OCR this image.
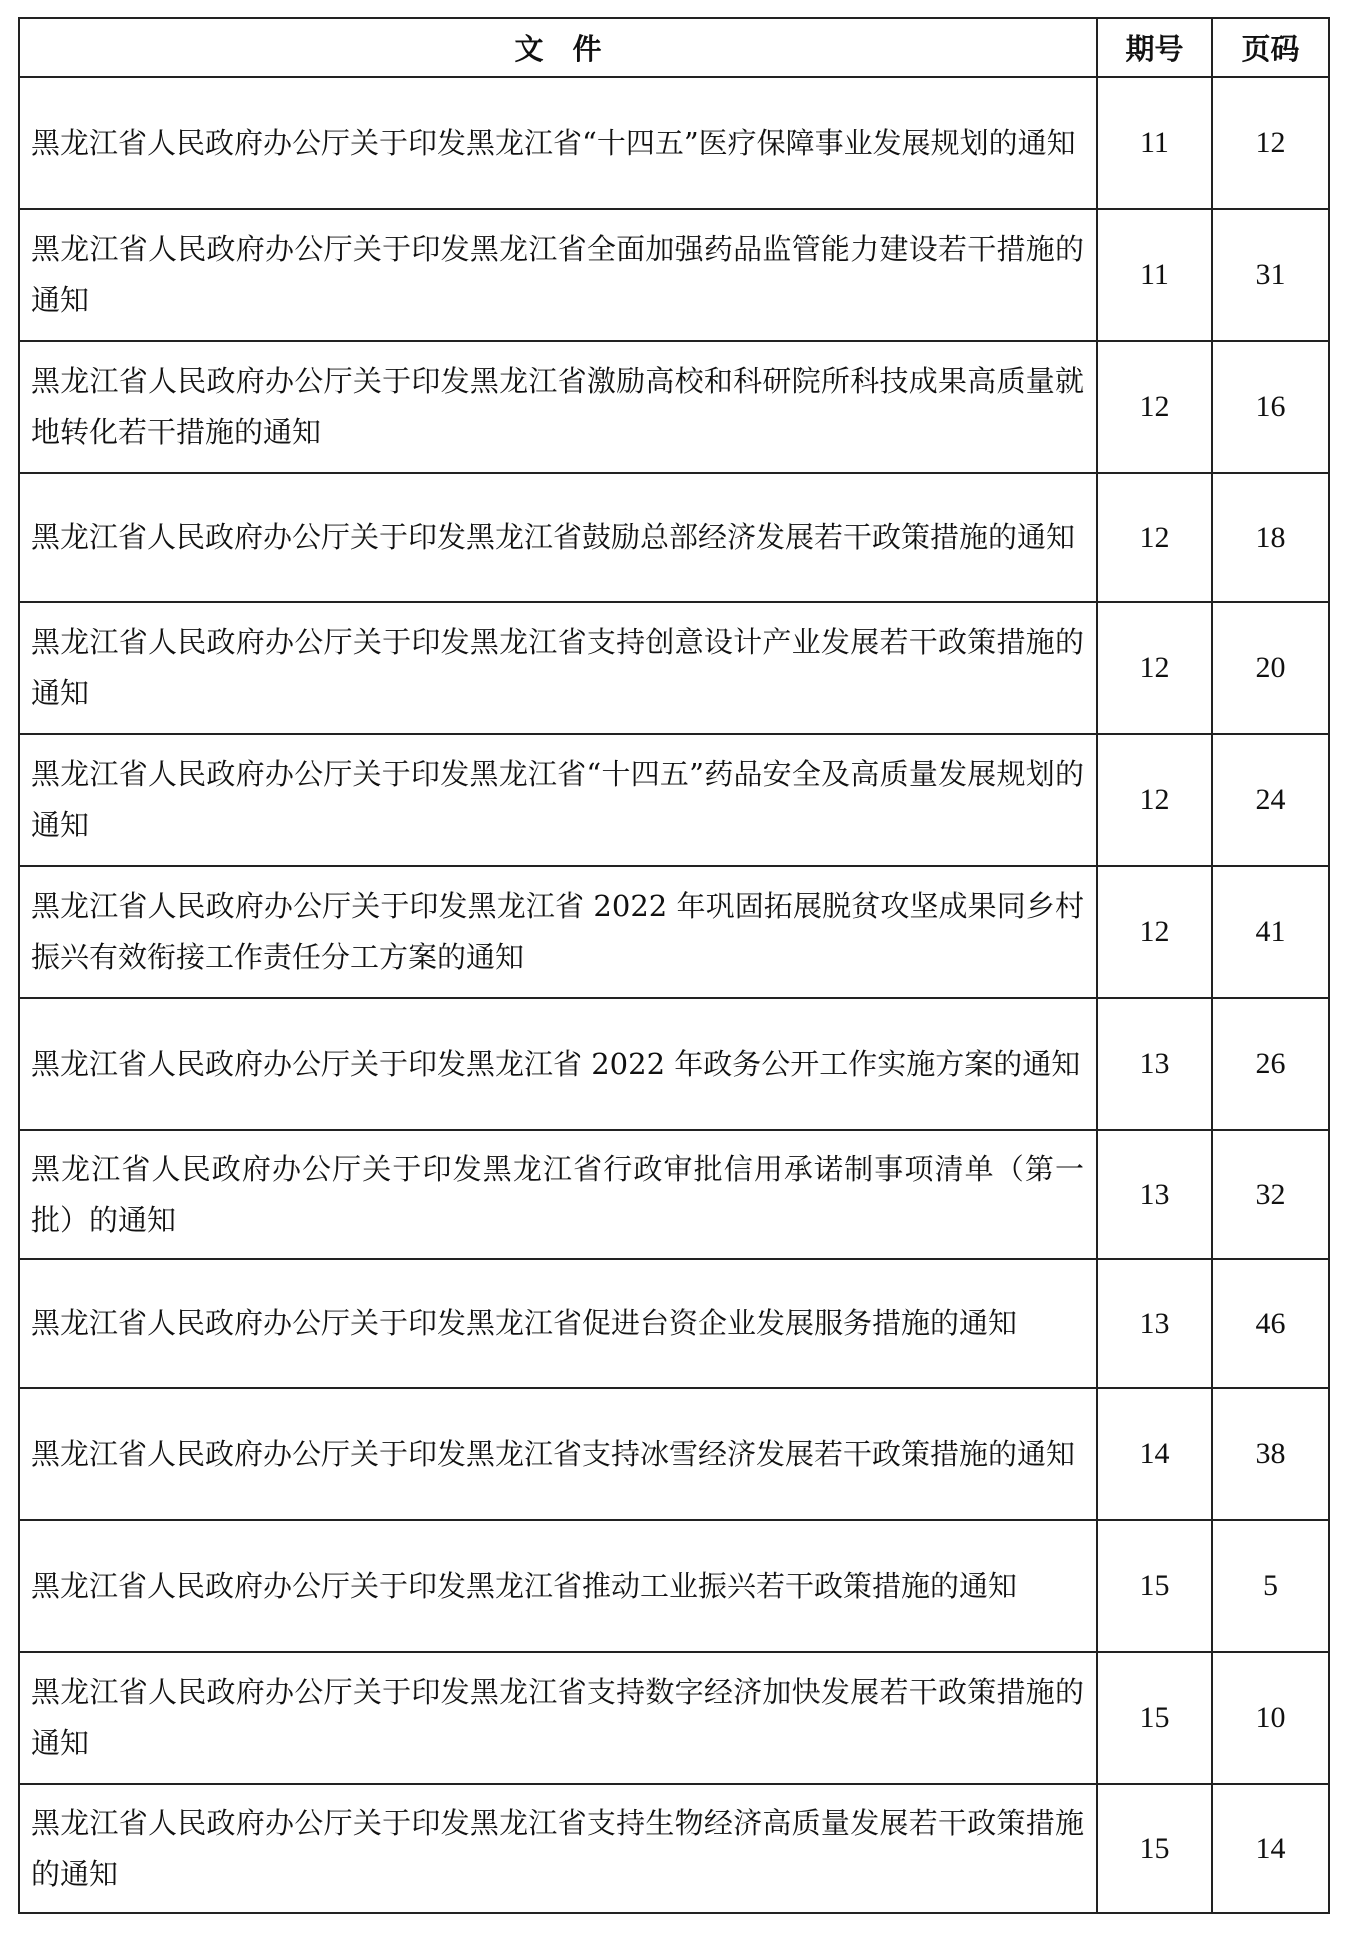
文　件	期号	页码
黑龙江省人民政府办公厅关于印发黑龙江省“十四五”医疗保障事业发展规划的通知	11	12
黑龙江省人民政府办公厅关于印发黑龙江省全面加强药品监管能力建设若干措施的通知	11	31
黑龙江省人民政府办公厅关于印发黑龙江省激励高校和科研院所科技成果高质量就地转化若干措施的通知	12	16
黑龙江省人民政府办公厅关于印发黑龙江省鼓励总部经济发展若干政策措施的通知	12	18
黑龙江省人民政府办公厅关于印发黑龙江省支持创意设计产业发展若干政策措施的通知	12	20
黑龙江省人民政府办公厅关于印发黑龙江省“十四五”药品安全及高质量发展规划的通知	12	24
黑龙江省人民政府办公厅关于印发黑龙江省 2022 年巩固拓展脱贫攻坚成果同乡村振兴有效衔接工作责任分工方案的通知	12	41
黑龙江省人民政府办公厅关于印发黑龙江省 2022 年政务公开工作实施方案的通知	13	26
黑龙江省人民政府办公厅关于印发黑龙江省行政审批信用承诺制事项清单（第一批）的通知	13	32
黑龙江省人民政府办公厅关于印发黑龙江省促进台资企业发展服务措施的通知	13	46
黑龙江省人民政府办公厅关于印发黑龙江省支持冰雪经济发展若干政策措施的通知	14	38
黑龙江省人民政府办公厅关于印发黑龙江省推动工业振兴若干政策措施的通知	15	5
黑龙江省人民政府办公厅关于印发黑龙江省支持数字经济加快发展若干政策措施的通知	15	10
黑龙江省人民政府办公厅关于印发黑龙江省支持生物经济高质量发展若干政策措施的通知	15	14
